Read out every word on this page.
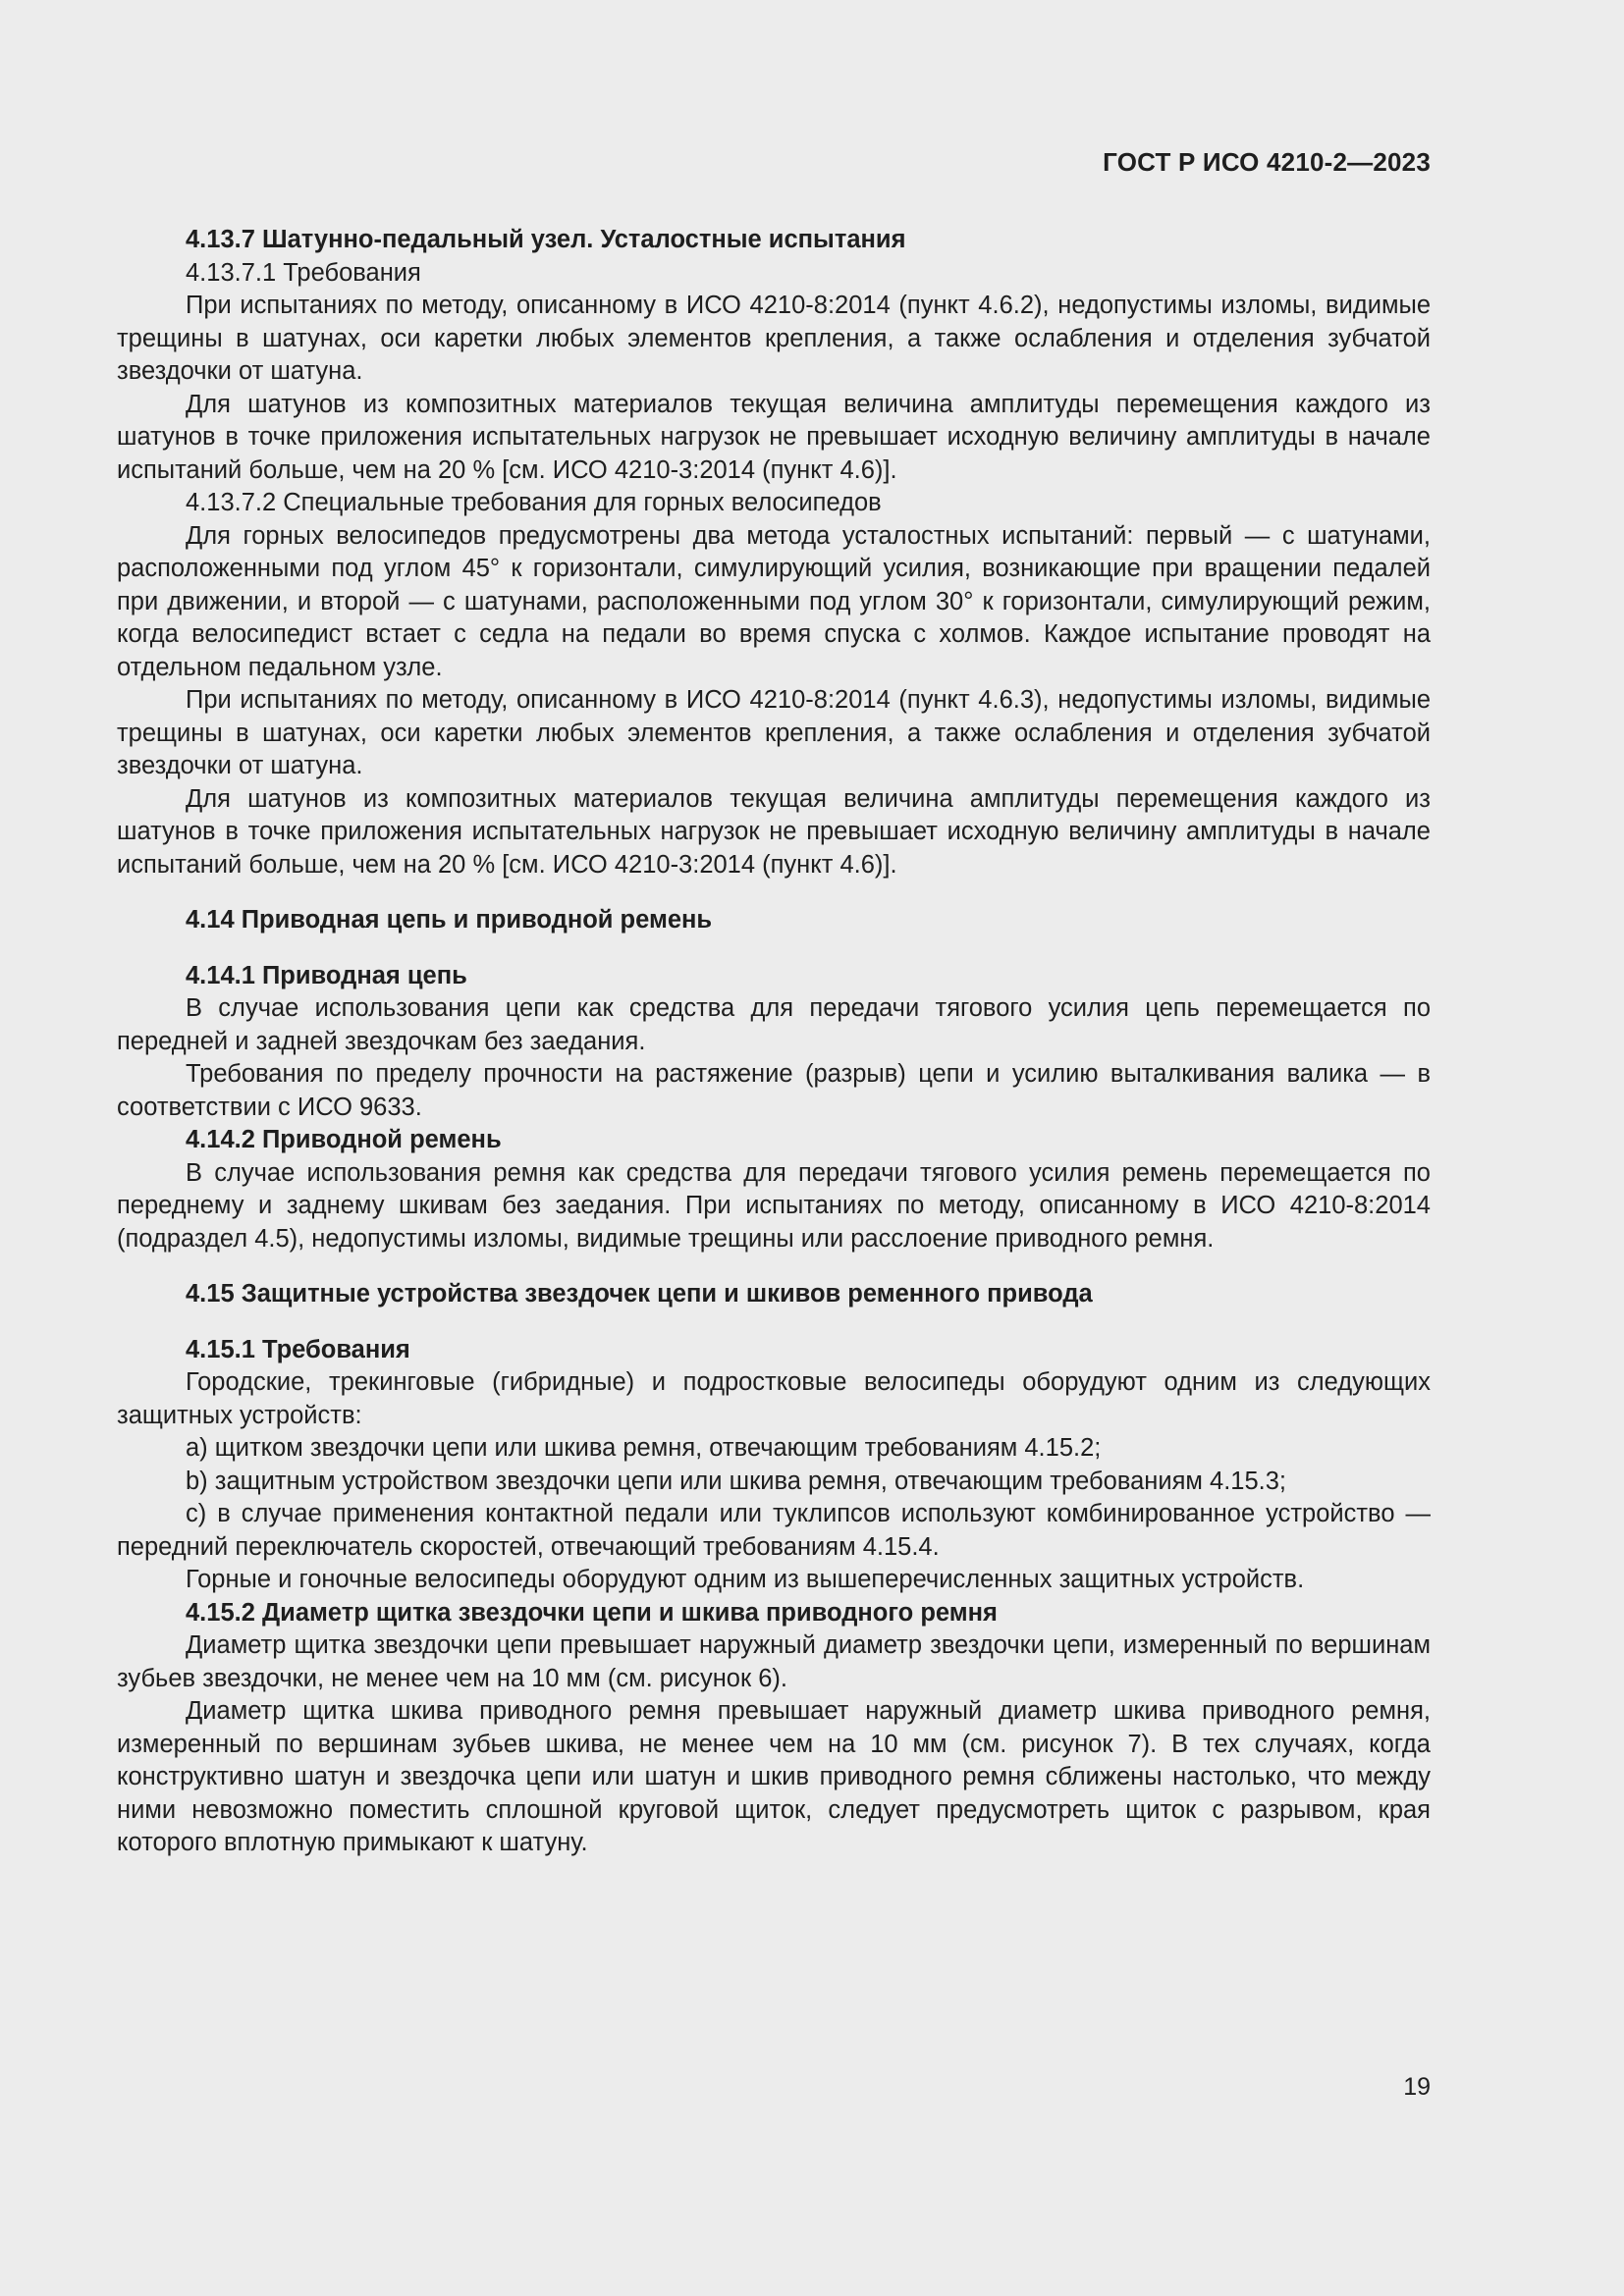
ГОСТ Р ИСО 4210-2—2023

4.13.7 Шатунно-педальный узел. Усталостные испытания

4.13.7.1 Требования

При испытаниях по методу, описанному в ИСО 4210-8:2014 (пункт 4.6.2), недопустимы изломы, видимые трещины в шатунах, оси каретки любых элементов крепления, а также ослабления и отделения зубчатой звездочки от шатуна.

Для шатунов из композитных материалов текущая величина амплитуды перемещения каждого из шатунов в точке приложения испытательных нагрузок не превышает исходную величину амплитуды в начале испытаний больше, чем на 20 % [см. ИСО 4210-3:2014 (пункт 4.6)].

4.13.7.2 Специальные требования для горных велосипедов

Для горных велосипедов предусмотрены два метода усталостных испытаний: первый — с шатунами, расположенными под углом 45° к горизонтали, симулирующий усилия, возникающие при вращении педалей при движении, и второй — с шатунами, расположенными под углом 30° к горизонтали, симулирующий режим, когда велосипедист встает с седла на педали во время спуска с холмов. Каждое испытание проводят на отдельном педальном узле.

При испытаниях по методу, описанному в ИСО 4210-8:2014 (пункт 4.6.3), недопустимы изломы, видимые трещины в шатунах, оси каретки любых элементов крепления, а также ослабления и отделения зубчатой звездочки от шатуна.

Для шатунов из композитных материалов текущая величина амплитуды перемещения каждого из шатунов в точке приложения испытательных нагрузок не превышает исходную величину амплитуды в начале испытаний больше, чем на 20 % [см. ИСО 4210-3:2014 (пункт 4.6)].

4.14 Приводная цепь и приводной ремень

4.14.1 Приводная цепь

В случае использования цепи как средства для передачи тягового усилия цепь перемещается по передней и задней звездочкам без заедания.

Требования по пределу прочности на растяжение (разрыв) цепи и усилию выталкивания валика — в соответствии с ИСО 9633.

4.14.2 Приводной ремень

В случае использования ремня как средства для передачи тягового усилия ремень перемещается по переднему и заднему шкивам без заедания. При испытаниях по методу, описанному в ИСО 4210-8:2014 (подраздел 4.5), недопустимы изломы, видимые трещины или расслоение приводного ремня.

4.15 Защитные устройства звездочек цепи и шкивов ременного привода

4.15.1 Требования

Городские, трекинговые (гибридные) и подростковые велосипеды оборудуют одним из следующих защитных устройств:

а) щитком звездочки цепи или шкива ремня, отвечающим требованиям 4.15.2;

b) защитным устройством звездочки цепи или шкива ремня, отвечающим требованиям 4.15.3;

с) в случае применения контактной педали или туклипсов используют комбинированное устройство — передний переключатель скоростей, отвечающий требованиям 4.15.4.

Горные и гоночные велосипеды оборудуют одним из вышеперечисленных защитных устройств.

4.15.2 Диаметр щитка звездочки цепи и шкива приводного ремня

Диаметр щитка звездочки цепи превышает наружный диаметр звездочки цепи, измеренный по вершинам зубьев звездочки, не менее чем на 10 мм (см. рисунок 6).

Диаметр щитка шкива приводного ремня превышает наружный диаметр шкива приводного ремня, измеренный по вершинам зубьев шкива, не менее чем на 10 мм (см. рисунок 7). В тех случаях, когда конструктивно шатун и звездочка цепи или шатун и шкив приводного ремня сближены настолько, что между ними невозможно поместить сплошной круговой щиток, следует предусмотреть щиток с разрывом, края которого вплотную примыкают к шатуну.

19
